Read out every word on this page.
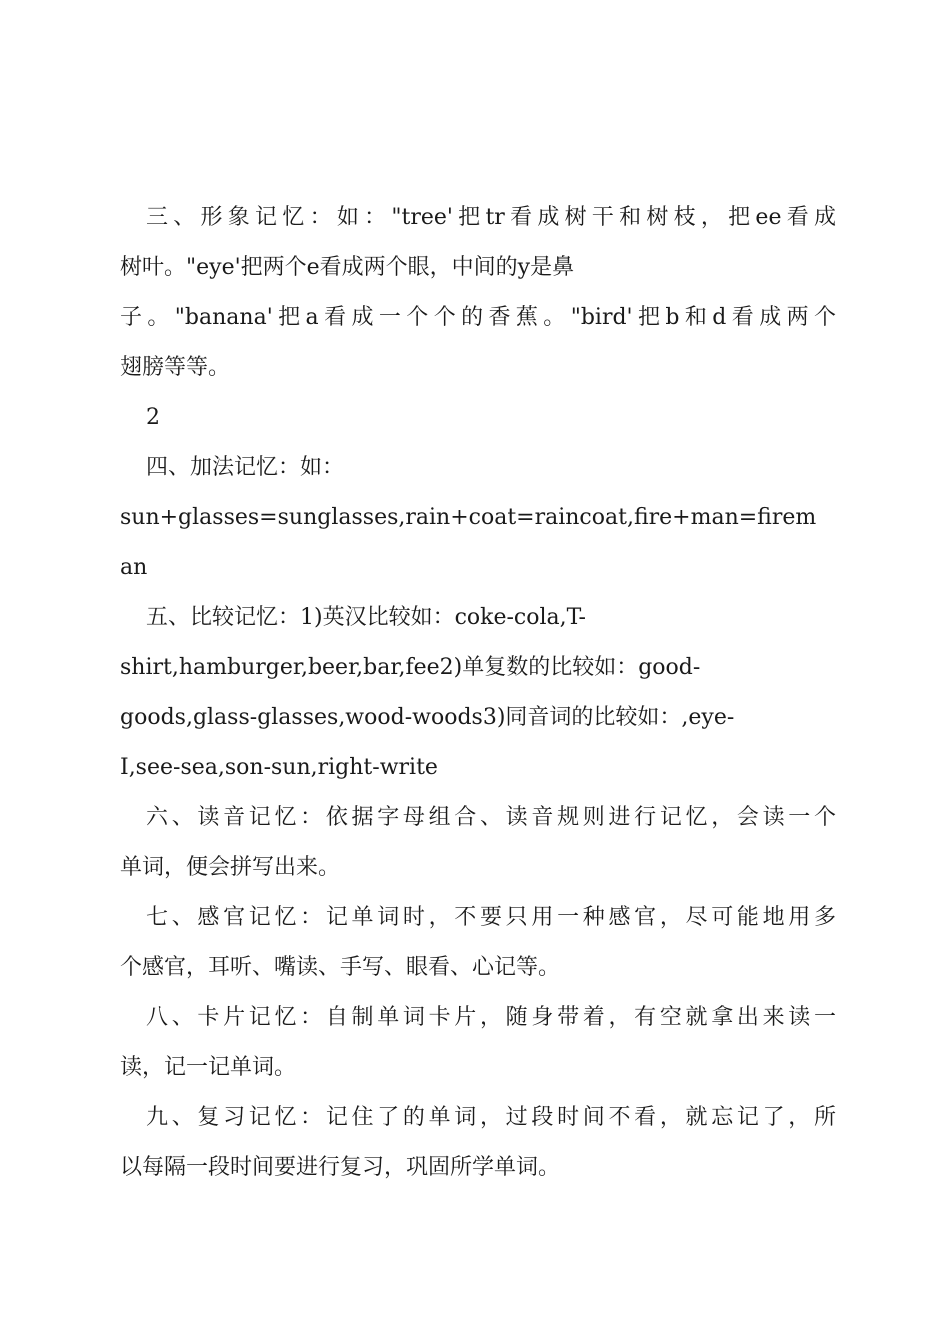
三、形象记忆：如："tree'把tr看成树干和树枝，把ee看成
树叶。"eye'把两个e看成两个眼，中间的y是鼻
子。"banana'把a看成一个个的香蕉。"bird'把b和d看成两个
翅膀等等。
2
四、加法记忆：如：
sun+glasses=sunglasses,rain+coat=raincoat,fire+man=firem
an
五、比较记忆：1)英汉比较如：coke-cola,T-
shirt,hamburger,beer,bar,fee2)单复数的比较如：good-
goods,glass-glasses,wood-woods3)同音词的比较如：,eye-
I,see-sea,son-sun,right-write
六、读音记忆：依据字母组合、读音规则进行记忆，会读一个
单词，便会拼写出来。
七、感官记忆：记单词时，不要只用一种感官，尽可能地用多
个感官，耳听、嘴读、手写、眼看、心记等。
八、卡片记忆：自制单词卡片，随身带着，有空就拿出来读一
读，记一记单词。
九、复习记忆：记住了的单词，过段时间不看，就忘记了，所
以每隔一段时间要进行复习，巩固所学单词。
